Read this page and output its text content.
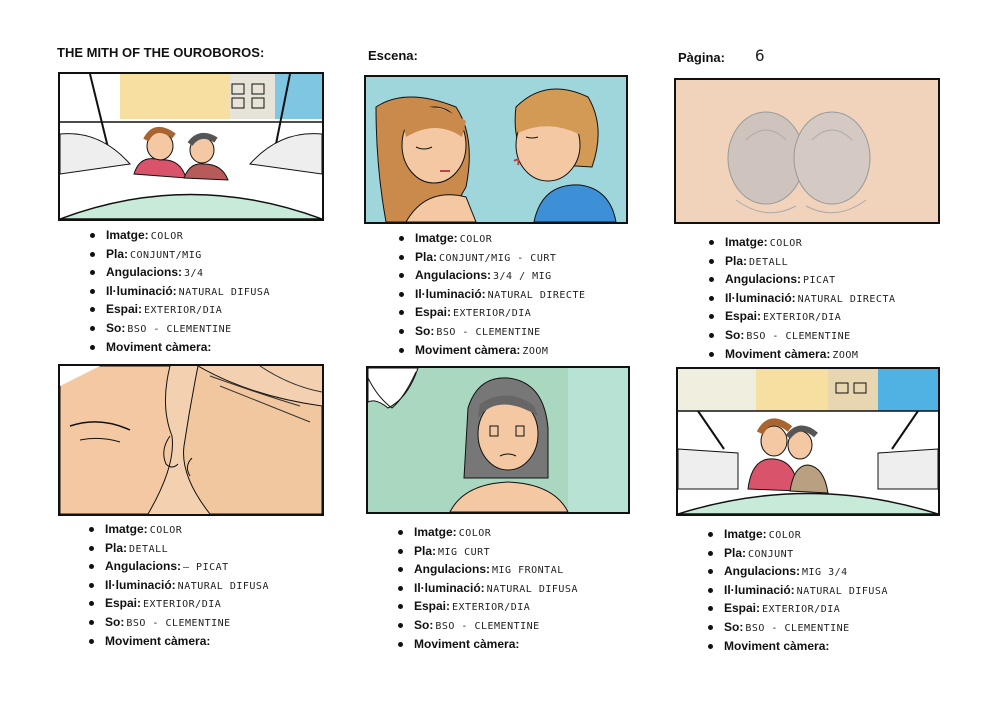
THE MITH OF THE OUROBOROS:	Escena:	Pàgina: 6
Imatge: COLOR
Pla: CONJUNT/MIG
Angulacions: 3/4
Il·luminació: NATURAL DIFUSA
Espai: EXTERIOR/DIA
So: BSO - CLEMENTINE
Moviment càmera:
Imatge: COLOR
Pla: CONJUNT/MIG - CURT
Angulacions: 3/4 / MIG
Il·luminació: NATURAL DIRECTE
Espai: EXTERIOR/DIA
So: BSO - CLEMENTINE
Moviment càmera: ZOOM
Imatge: COLOR
Pla: DETALL
Angulacions: PICAT
Il·luminació: NATURAL DIRECTA
Espai: EXTERIOR/DIA
So: BSO - CLEMENTINE
Moviment càmera: ZOOM
Imatge: COLOR
Pla: DETALL
Angulacions: — PICAT
Il·luminació: NATURAL DIFUSA
Espai: EXTERIOR/DIA
So: BSO - CLEMENTINE
Moviment càmera:
Imatge: COLOR
Pla: MIG CURT
Angulacions: MIG FRONTAL
Il·luminació: NATURAL DIFUSA
Espai: EXTERIOR/DIA
So: BSO - CLEMENTINE
Moviment càmera:
Imatge: COLOR
Pla: CONJUNT
Angulacions: MIG 3/4
Il·luminació: NATURAL DIFUSA
Espai: EXTERIOR/DIA
So: BSO - CLEMENTINE
Moviment càmera:
